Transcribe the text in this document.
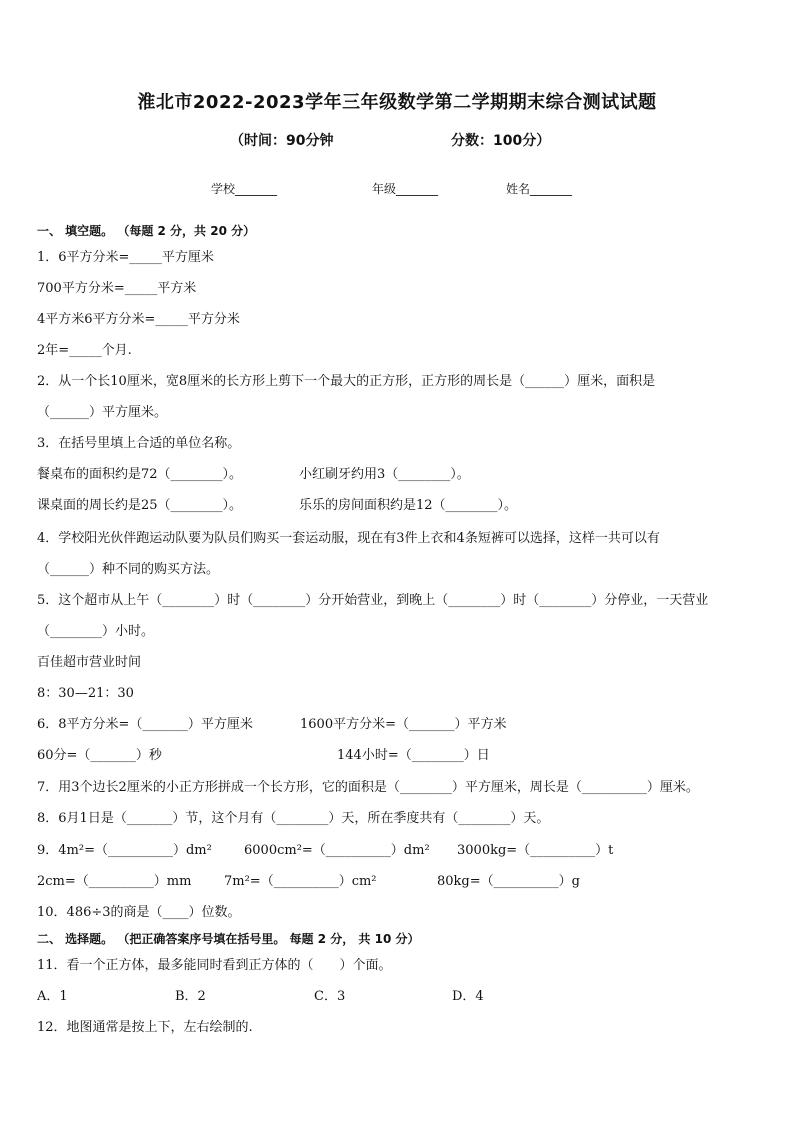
淮北市2022-2023学年三年级数学第二学期期末综合测试试题
（时间：90分钟	分数：100分）
学校_______	年级_______	姓名_______
一、 填空题。 （每题 2 分，共 20 分）
1．6平方分米=_____平方厘米
700平方分米=_____平方米
4平方米6平方分米=_____平方分米
2年=_____个月.
2．从一个长10厘米，宽8厘米的长方形上剪下一个最大的正方形，正方形的周长是（______）厘米，面积是
（______）平方厘米。
3．在括号里填上合适的单位名称。
餐桌布的面积约是72（________）。	小红刷牙约用3（________）。
课桌面的周长约是25（________）。	乐乐的房间面积约是12（________）。
4．学校阳光伙伴跑运动队要为队员们购买一套运动服，现在有3件上衣和4条短裤可以选择，这样一共可以有
（______）种不同的购买方法。
5．这个超市从上午（________）时（________）分开始营业，到晚上（________）时（________）分停业，一天营业
（________）小时。
百佳超市营业时间
8：30—21：30
6．8平方分米=（_______）平方厘米	1600平方分米=（_______）平方米
60分=（_______）秒	144小时=（________）日
7．用3个边长2厘米的小正方形拼成一个长方形，它的面积是（________）平方厘米，周长是（__________）厘米。
8．6月1日是（_______）节，这个月有（________）天，所在季度共有（________）天。
9．4m²=（__________）dm² 6000cm²=（__________）dm² 3000kg=（__________）t
2cm=（__________）mm	7m²=（__________）cm²	80kg=（__________）g
10．486÷3的商是（____）位数。
二、 选择题。 （把正确答案序号填在括号里。 每题 2 分， 共 10 分）
11．看一个正方体，最多能同时看到正方体的（　　）个面。
A．1	B．2	C．3	D．4
12．地图通常是按上下，左右绘制的.
